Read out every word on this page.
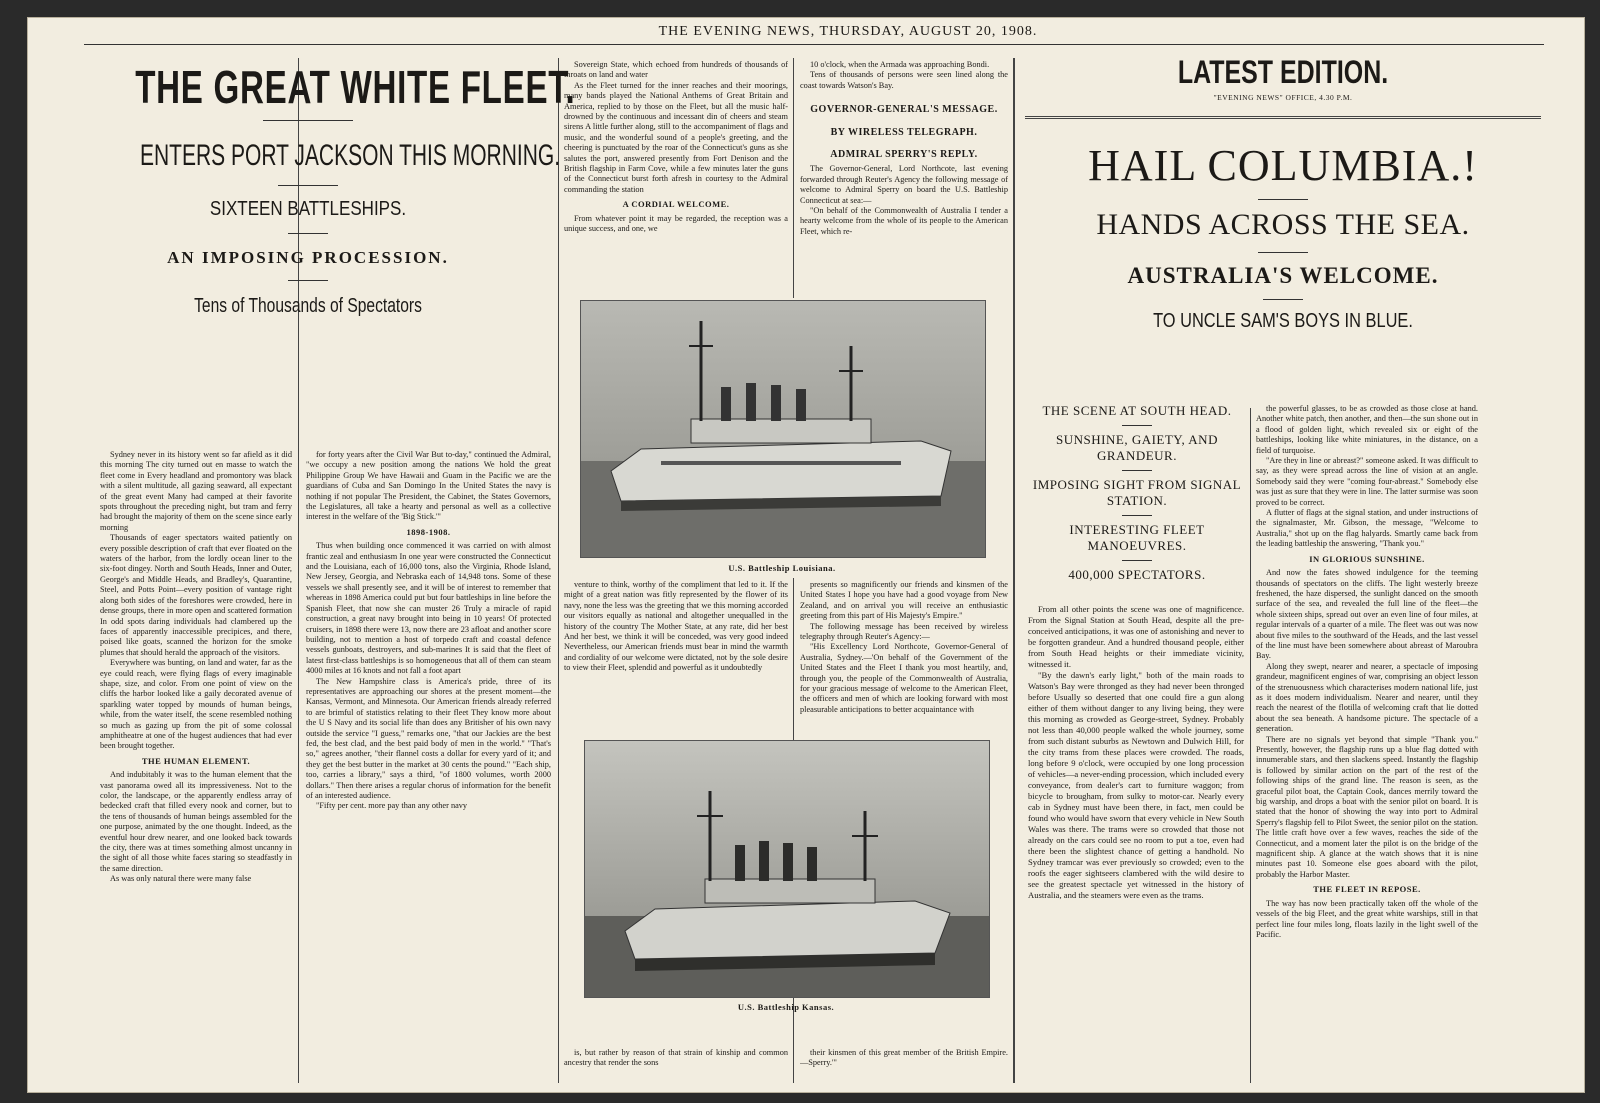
THE EVENING NEWS, THURSDAY, AUGUST 20, 1908.
THE GREAT WHITE FLEET.
ENTERS PORT JACKSON THIS MORNING.
SIXTEEN BATTLESHIPS.
AN IMPOSING PROCESSION.
Tens of Thousands of Spectators

Sydney never in its history went so far afield as it did this morning The city turned out en masse to watch the fleet come in Every headland and promontory was black with a silent multitude, all gazing seaward, all expectant of the great event Many had camped at their favorite spots throughout the preceding night, but tram and ferry had brought the majority of them on the scene since early morning

Thousands of eager spectators waited patiently on every possible description of craft that ever floated on the waters of the harbor, from the lordly ocean liner to the six-foot dingey. North and South Heads, Inner and Outer, George's and Middle Heads, and Bradley's, Quarantine, Steel, and Potts Point—every position of vantage right along both sides of the foreshores were crowded, here in dense groups, there in more open and scattered formation In odd spots daring individuals had clambered up the faces of apparently inaccessible precipices, and there, poised like goats, scanned the horizon for the smoke plumes that should herald the approach of the visitors.

Everywhere was bunting, on land and water, far as the eye could reach, were flying flags of every imaginable shape, size, and color. From one point of view on the cliffs the harbor looked like a gaily decorated avenue of sparkling water topped by mounds of human beings, while, from the water itself, the scene resembled nothing so much as gazing up from the pit of some colossal amphitheatre at one of the hugest audiences that had ever been brought together.

THE HUMAN ELEMENT.

And indubitably it was to the human element that the vast panorama owed all its impressiveness. Not to the color, the landscape, or the apparently endless array of bedecked craft that filled every nook and corner, but to the tens of thousands of human beings assembled for the one purpose, animated by the one thought. Indeed, as the eventful hour drew nearer, and one looked back towards the city, there was at times something almost uncanny in the sight of all those white faces staring so steadfastly in the same direction.

As was only natural there were many false

for forty years after the Civil War But to-day," continued the Admiral, "we occupy a new position among the nations We hold the great Philippine Group We have Hawaii and Guam in the Pacific we are the guardians of Cuba and San Domingo In the United States the navy is nothing if not popular The President, the Cabinet, the States Governors, the Legislatures, all take a hearty and personal as well as a collective interest in the welfare of the 'Big Stick.'"

1898-1908.

Thus when building once commenced it was carried on with almost frantic zeal and enthusiasm In one year were constructed the Connecticut and the Louisiana, each of 16,000 tons, also the Virginia, Rhode Island, New Jersey, Georgia, and Nebraska each of 14,948 tons. Some of these vessels we shall presently see, and it will be of interest to remember that whereas in 1898 America could put but four battleships in line before the Spanish Fleet, that now she can muster 26 Truly a miracle of rapid construction, a great navy brought into being in 10 years! Of protected cruisers, in 1898 there were 13, now there are 23 afloat and another score building, not to mention a host of torpedo craft and coastal defence vessels gunboats, destroyers, and sub-marines It is said that the fleet of latest first-class battleships is so homogeneous that all of them can steam 4000 miles at 16 knots and not fall a foot apart

The New Hampshire class is America's pride, three of its representatives are approaching our shores at the present moment—the Kansas, Vermont, and Minnesota. Our American friends already referred to are brimful of statistics relating to their fleet They know more about the U S Navy and its social life than does any Britisher of his own navy outside the service "I guess," remarks one, "that our Jackies are the best fed, the best clad, and the best paid body of men in the world." "That's so," agrees another, "their flannel costs a dollar for every yard of it; and they get the best butter in the market at 30 cents the pound." "Each ship, too, carries a library," says a third, "of 1800 volumes, worth 2000 dollars." Then there arises a regular chorus of information for the benefit of an interested audience.

"Fifty per cent. more pay than any other navy

Sovereign State, which echoed from hundreds of thousands of throats on land and water

As the Fleet turned for the inner reaches and their moorings, many bands played the National Anthems of Great Britain and America, replied to by those on the Fleet, but all the music half-drowned by the continuous and incessant din of cheers and steam sirens A little further along, still to the accompaniment of flags and music, and the wonderful sound of a people's greeting, and the cheering is punctuated by the roar of the Connecticut's guns as she salutes the port, answered presently from Fort Denison and the British flagship in Farm Cove, while a few minutes later the guns of the Connecticut burst forth afresh in courtesy to the Admiral commanding the station

A CORDIAL WELCOME.

From whatever point it may be regarded, the reception was a unique success, and one, we

10 o'clock, when the Armada was approaching Bondi.

Tens of thousands of persons were seen lined along the coast towards Watson's Bay.

GOVERNOR-GENERAL'S MESSAGE.

BY WIRELESS TELEGRAPH.

ADMIRAL SPERRY'S REPLY.

The Governor-General, Lord Northcote, last evening forwarded through Reuter's Agency the following message of welcome to Admiral Sperry on board the U.S. Battleship Connecticut at sea:—

"On behalf of the Commonwealth of Australia I tender a hearty welcome from the whole of its people to the American Fleet, which re-

U.S. Battleship Louisiana.

venture to think, worthy of the compliment that led to it. If the might of a great nation was fitly represented by the flower of its navy, none the less was the greeting that we this morning accorded our visitors equally as national and altogether unequalled in the history of the country The Mother State, at any rate, did her best And her best, we think it will be conceded, was very good indeed Nevertheless, our American friends must bear in mind the warmth and cordiality of our welcome were dictated, not by the sole desire to view their Fleet, splendid and powerful as it undoubtedly

presents so magnificently our friends and kinsmen of the United States I hope you have had a good voyage from New Zealand, and on arrival you will receive an enthusiastic greeting from this part of His Majesty's Empire."

The following message has been received by wireless telegraphy through Reuter's Agency:—

"His Excellency Lord Northcote, Governor-General of Australia, Sydney.—'On behalf of the Government of the United States and the Fleet I thank you most heartily, and, through you, the people of the Commonwealth of Australia, for your gracious message of welcome to the American Fleet, the officers and men of which are looking forward with most pleasurable anticipations to better acquaintance with

U.S. Battleship Kansas.

is, but rather by reason of that strain of kinship and common ancestry that render the sons

their kinsmen of this great member of the British Empire.—Sperry.'"

LATEST EDITION.
"EVENING NEWS" OFFICE, 4.30 P.M.
HAIL COLUMBIA.!
HANDS ACROSS THE SEA.
AUSTRALIA'S WELCOME.
TO UNCLE SAM'S BOYS IN BLUE.
THE SCENE AT SOUTH HEAD.
SUNSHINE, GAIETY, AND GRANDEUR.
IMPOSING SIGHT FROM SIGNAL STATION.
INTERESTING FLEET MANOEUVRES.
400,000 SPECTATORS.

From all other points the scene was one of magnificence. From the Signal Station at South Head, despite all the pre-conceived anticipations, it was one of astonishing and never to be forgotten grandeur. And a hundred thousand people, either from South Head heights or their immediate vicinity, witnessed it.

"By the dawn's early light," both of the main roads to Watson's Bay were thronged as they had never been thronged before Usually so deserted that one could fire a gun along either of them without danger to any living being, they were this morning as crowded as George-street, Sydney. Probably not less than 40,000 people walked the whole journey, some from such distant suburbs as Newtown and Dulwich Hill, for the city trams from these places were crowded. The roads, long before 9 o'clock, were occupied by one long procession of vehicles—a never-ending procession, which included every conveyance, from dealer's cart to furniture waggon; from bicycle to brougham, from sulky to motor-car. Nearly every cab in Sydney must have been there, in fact, men could be found who would have sworn that every vehicle in New South Wales was there. The trams were so crowded that those not already on the cars could see no room to put a toe, even had there been the slightest chance of getting a handhold. No Sydney tramcar was ever previously so crowded; even to the roofs the eager sightseers clambered with the wild desire to see the greatest spectacle yet witnessed in the history of Australia, and the steamers were even as the trams.

the powerful glasses, to be as crowded as those close at hand. Another white patch, then another, and then—the sun shone out in a flood of golden light, which revealed six or eight of the battleships, looking like white miniatures, in the distance, on a field of turquoise.

"Are they in line or abreast?" someone asked. It was difficult to say, as they were spread across the line of vision at an angle. Somebody said they were "coming four-abreast." Somebody else was just as sure that they were in line. The latter surmise was soon proved to be correct.

A flutter of flags at the signal station, and under instructions of the signalmaster, Mr. Gibson, the message, "Welcome to Australia," shot up on the flag halyards. Smartly came back from the leading battleship the answering, "Thank you."

IN GLORIOUS SUNSHINE.

And now the fates showed indulgence for the teeming thousands of spectators on the cliffs. The light westerly breeze freshened, the haze dispersed, the sunlight danced on the smooth surface of the sea, and revealed the full line of the fleet—the whole sixteen ships, spread out over an even line of four miles, at regular intervals of a quarter of a mile. The fleet was out was now about five miles to the southward of the Heads, and the last vessel of the line must have been somewhere about abreast of Maroubra Bay.

Along they swept, nearer and nearer, a spectacle of imposing grandeur, magnificent engines of war, comprising an object lesson of the strenuousness which characterises modern national life, just as it does modern individualism. Nearer and nearer, until they reach the nearest of the flotilla of welcoming craft that lie dotted about the sea beneath. A handsome picture. The spectacle of a generation.

There are no signals yet beyond that simple "Thank you." Presently, however, the flagship runs up a blue flag dotted with innumerable stars, and then slackens speed. Instantly the flagship is followed by similar action on the part of the rest of the following ships of the grand line. The reason is seen, as the graceful pilot boat, the Captain Cook, dances merrily toward the big warship, and drops a boat with the senior pilot on board. It is stated that the honor of showing the way into port to Admiral Sperry's flagship fell to Pilot Sweet, the senior pilot on the station. The little craft hove over a few waves, reaches the side of the Connecticut, and a moment later the pilot is on the bridge of the magnificent ship. A glance at the watch shows that it is nine minutes past 10. Someone else goes aboard with the pilot, probably the Harbor Master.

THE FLEET IN REPOSE.

The way has now been practically taken off the whole of the vessels of the big Fleet, and the great white warships, still in that perfect line four miles long, floats lazily in the light swell of the Pacific.
